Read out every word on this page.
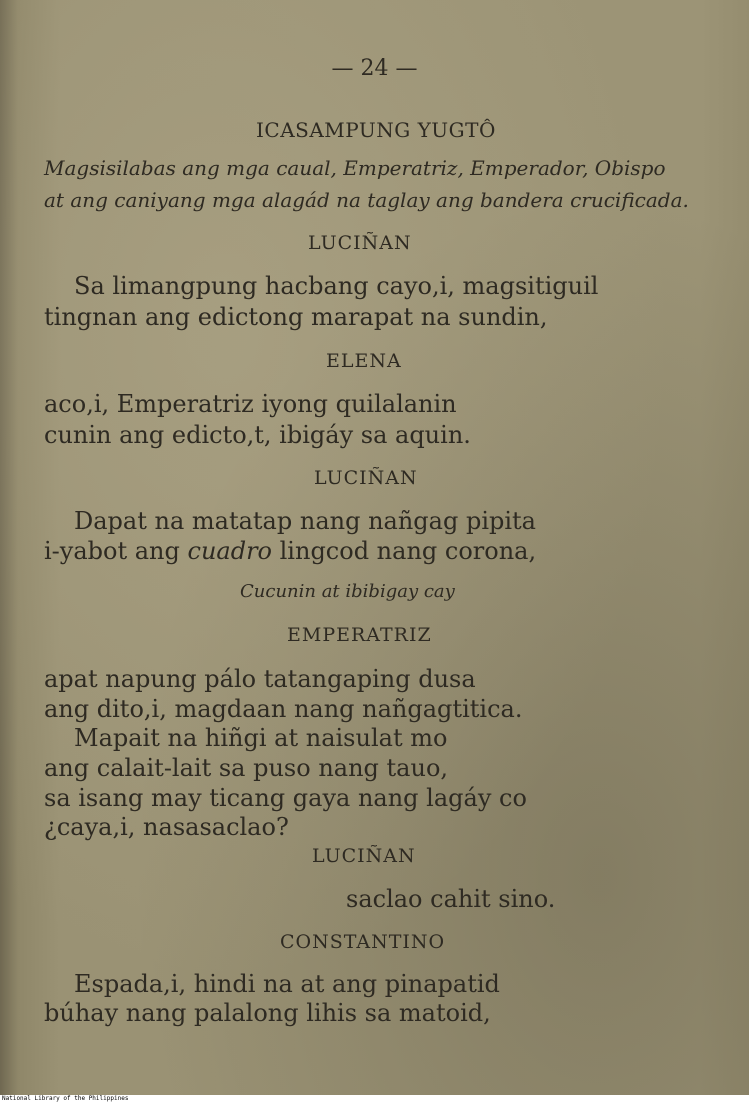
— 24 —
ICASAMPUNG YUGTÔ
Magsisilabas ang mga caual, Emperatriz, Emperador, Obispo
at ang caniyang mga alagád na taglay ang bandera crucificada.
LUCIÑAN
Sa limangpung hacbang cayo,i, magsitiguil
tingnan ang edictong marapat na sundin,
ELENA
aco,i, Emperatriz iyong quilalanin
cunin ang edicto,t, ibigáy sa aquin.
LUCIÑAN
Dapat na matatap nang nañgag pipita
i-yabot ang cuadro lingcod nang corona,
Cucunin at ibibigay cay
EMPERATRIZ
apat napung pálo tatangaping dusa
ang dito,i, magdaan nang nañgagtitica.
Mapait na hiñgi at naisulat mo
ang calait-lait sa puso nang tauo,
sa isang may ticang gaya nang lagáy co
¿caya,i, nasasaclao?
LUCIÑAN
saclao cahit sino.
CONSTANTINO
Espada,i, hindi na at ang pinapatid
búhay nang palalong lihis sa matoid,
National Library of the Philippines
